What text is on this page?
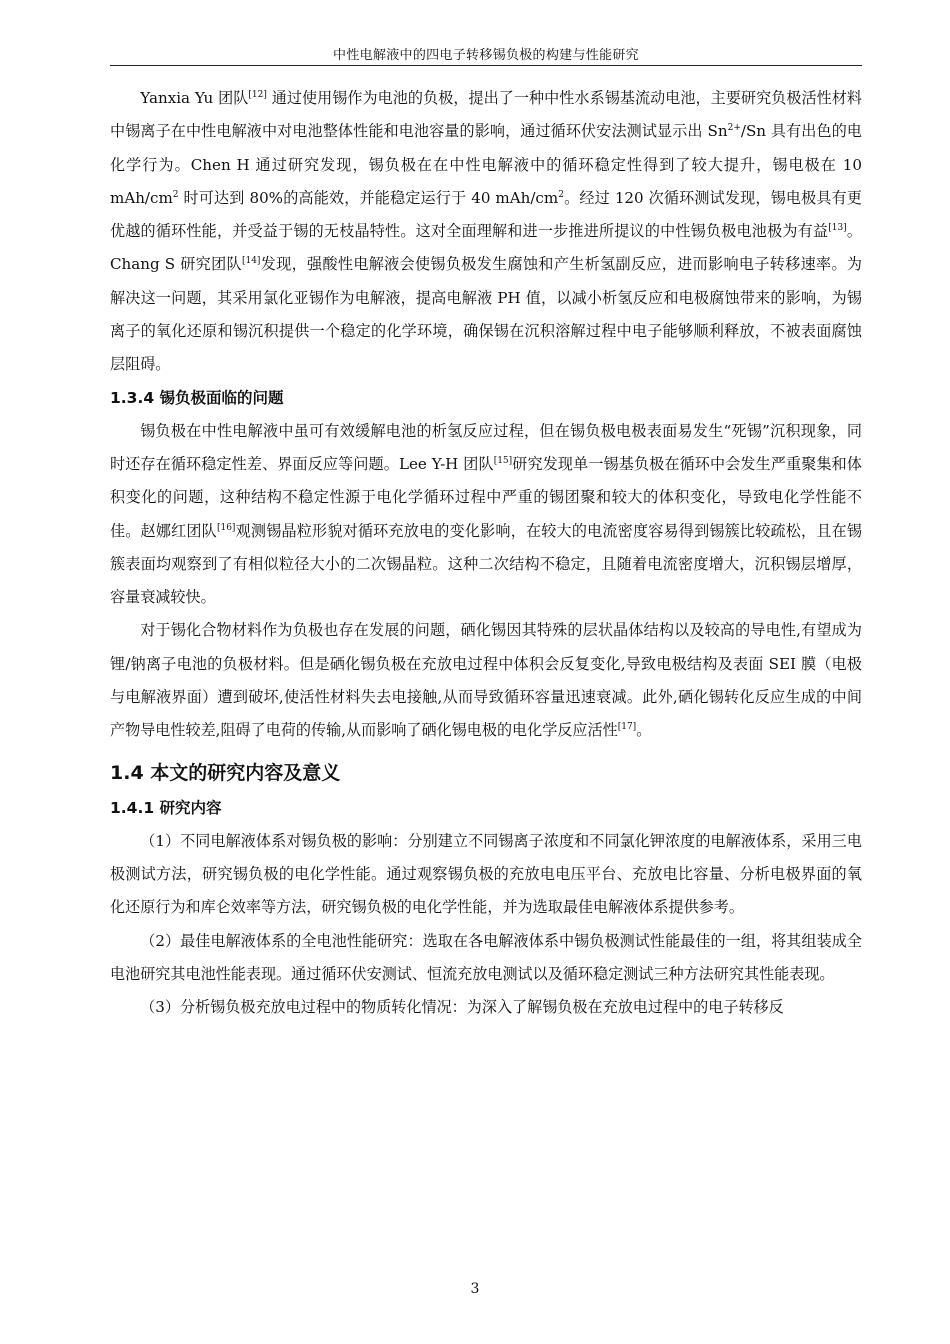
中性电解液中的四电子转移锡负极的构建与性能研究

Yanxia Yu 团队[12] 通过使用锡作为电池的负极，提出了一种中性水系锡基流动电池，主要研究负极活性材料中锡离子在中性电解液中对电池整体性能和电池容量的影响，通过循环伏安法测试显示出 $Sn^{2+}/Sn$ 具有出色的电化学行为。Chen H 通过研究发现，锡负极在在中性电解液中的循环稳定性得到了较大提升，锡电极在 10 mAh/$cm^2$ 时可达到 80%的高能效，并能稳定运行于 40 mAh/$cm^2$。经过 120 次循环测试发现，锡电极具有更优越的循环性能，并受益于锡的无枝晶特性。这对全面理解和进一步推进所提议的中性锡负极电池极为有益[13]。Chang S 研究团队[14]发现，强酸性电解液会使锡负极发生腐蚀和产生析氢副反应，进而影响电子转移速率。为解决这一问题，其采用氯化亚锡作为电解液，提高电解液 PH 值，以减小析氢反应和电极腐蚀带来的影响，为锡离子的氧化还原和锡沉积提供一个稳定的化学环境，确保锡在沉积溶解过程中电子能够顺利释放，不被表面腐蚀层阻碍。

1.3.4 锡负极面临的问题

锡负极在中性电解液中虽可有效缓解电池的析氢反应过程，但在锡负极电极表面易发生“死锡”沉积现象，同时还存在循环稳定性差、界面反应等问题。Lee Y-H 团队[15]研究发现单一锡基负极在循环中会发生严重聚集和体积变化的问题，这种结构不稳定性源于电化学循环过程中严重的锡团聚和较大的体积变化，导致电化学性能不佳。赵娜红团队[16]观测锡晶粒形貌对循环充放电的变化影响，在较大的电流密度容易得到锡簇比较疏松，且在锡簇表面均观察到了有相似粒径大小的二次锡晶粒。这种二次结构不稳定，且随着电流密度增大，沉积锡层增厚，容量衰减较快。

对于锡化合物材料作为负极也存在发展的问题，硒化锡因其特殊的层状晶体结构以及较高的导电性,有望成为锂/钠离子电池的负极材料。但是硒化锡负极在充放电过程中体积会反复变化,导致电极结构及表面 SEI 膜（电极与电解液界面）遭到破坏,使活性材料失去电接触,从而导致循环容量迅速衰减。此外,硒化锡转化反应生成的中间产物导电性较差,阻碍了电荷的传输,从而影响了硒化锡电极的电化学反应活性[17]。

1.4 本文的研究内容及意义
1.4.1 研究内容

（1）不同电解液体系对锡负极的影响：分别建立不同锡离子浓度和不同氯化钾浓度的电解液体系，采用三电极测试方法，研究锡负极的电化学性能。通过观察锡负极的充放电电压平台、充放电比容量、分析电极界面的氧化还原行为和库仑效率等方法，研究锡负极的电化学性能，并为选取最佳电解液体系提供参考。

（2）最佳电解液体系的全电池性能研究：选取在各电解液体系中锡负极测试性能最佳的一组，将其组装成全电池研究其电池性能表现。通过循环伏安测试、恒流充放电测试以及循环稳定测试三种方法研究其性能表现。

（3）分析锡负极充放电过程中的物质转化情况：为深入了解锡负极在充放电过程中的电子转移反

3
